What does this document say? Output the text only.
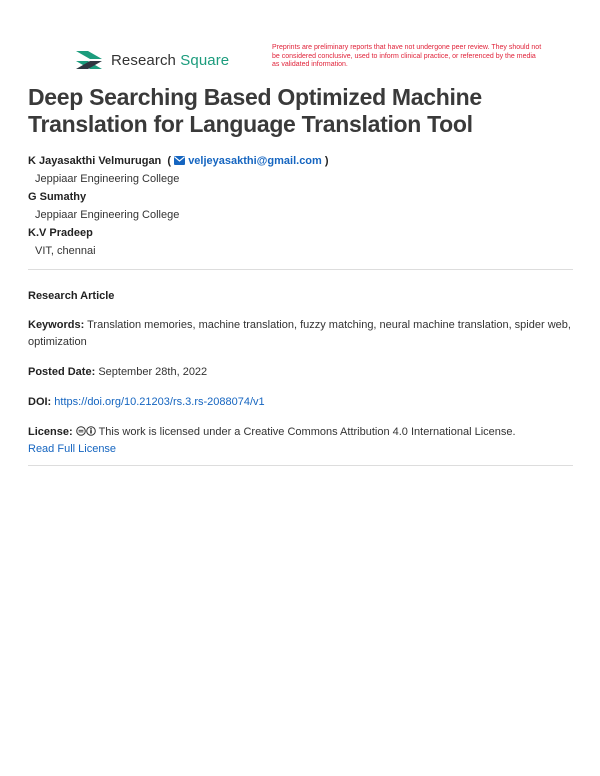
Research Square
Preprints are preliminary reports that have not undergone peer review. They should not be considered conclusive, used to inform clinical practice, or referenced by the media as validated information.
Deep Searching Based Optimized Machine Translation for Language Translation Tool
K Jayasakthi Velmurugan  (  veljeyasakthi@gmail.com )
Jeppiaar Engineering College
G Sumathy
Jeppiaar Engineering College
K.V Pradeep
VIT, chennai
Research Article
Keywords: Translation memories, machine translation, fuzzy matching, neural machine translation, spider web, optimization
Posted Date: September 28th, 2022
DOI: https://doi.org/10.21203/rs.3.rs-2088074/v1
License: This work is licensed under a Creative Commons Attribution 4.0 International License.
Read Full License
